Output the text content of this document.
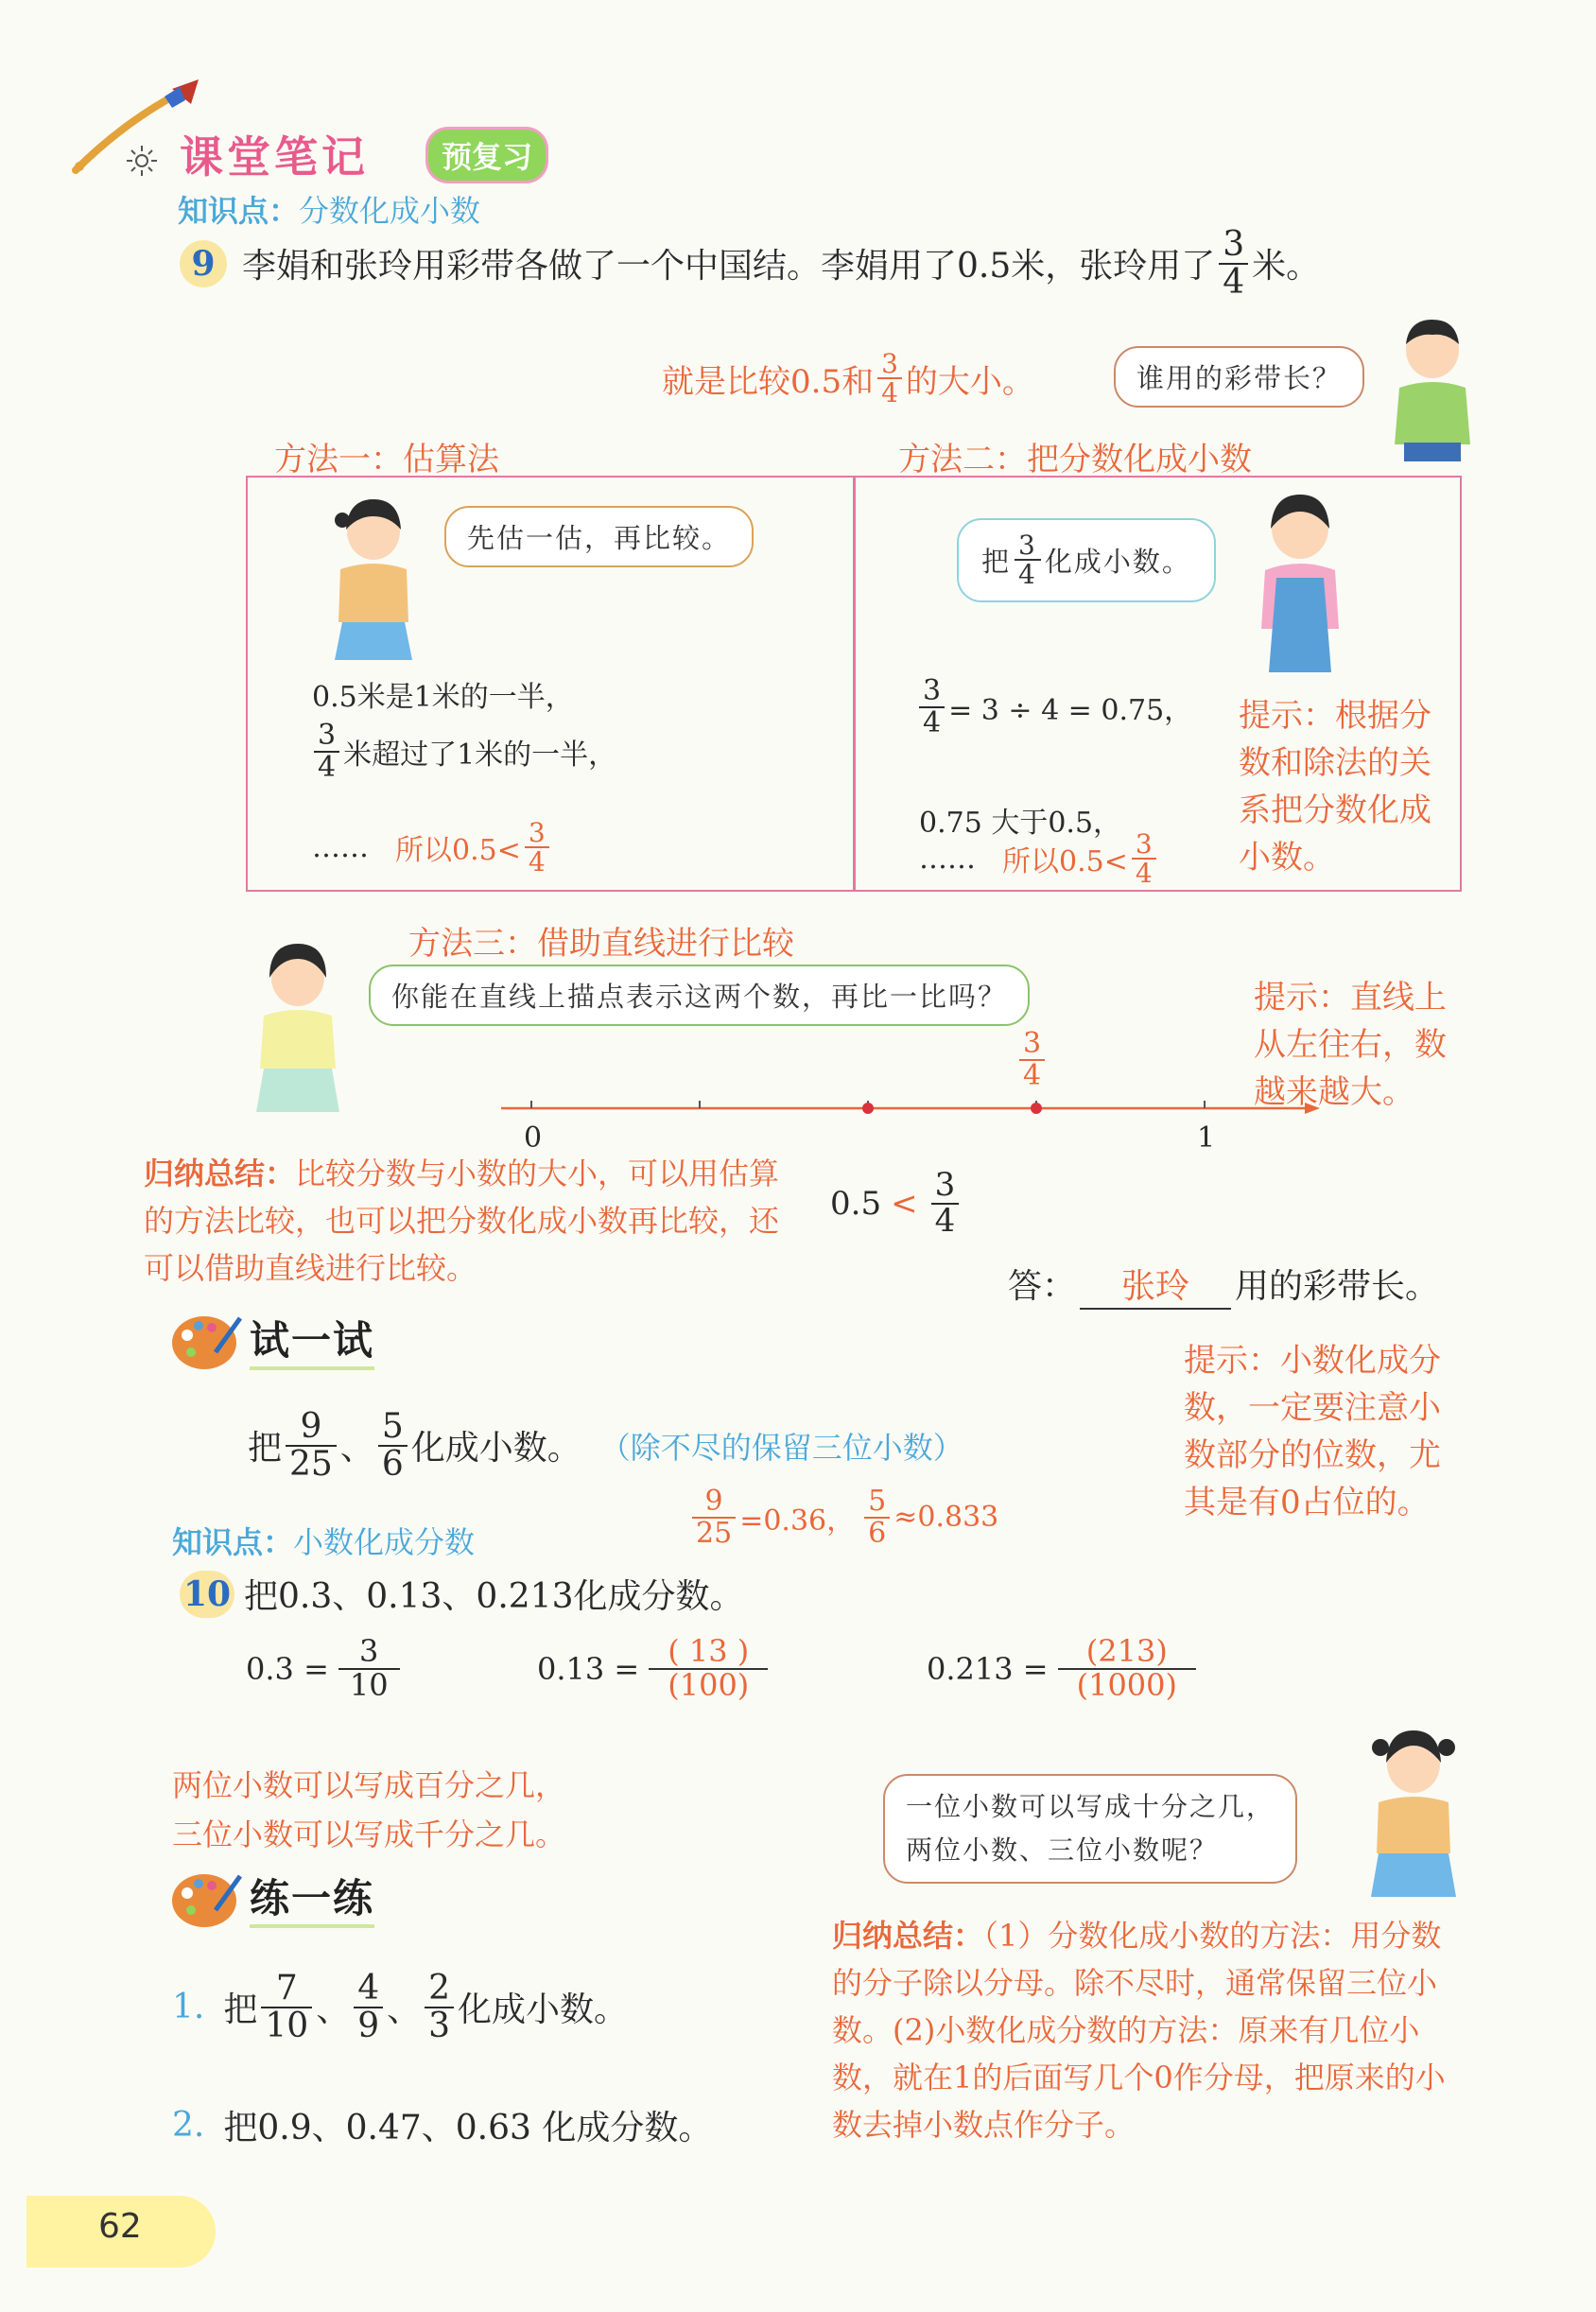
课堂笔记	预复习
知识点：分数化成小数
9 李娟和张玲用彩带各做了一个中国结。李娟用了0.5米，张玲用了 $\frac{3}{4}$ 米。
就是比较0.5和 $\frac{3}{4}$ 的大小。	谁用的彩带长？
方法一：估算法	方法二：把分数化成小数
先估一估，再比较。
0.5米是1米的一半，
$\frac{3}{4}$ 米超过了1米的一半，
…… 所以$0.5< \frac{3}{4}$
把 $\frac{3}{4}$ 化成小数。
$\frac{3}{4} = 3 \div 4 = 0.75$，
0.75 大于0.5，
…… 所以$0.5< \frac{3}{4}$
提示：根据分数和除法的关系把分数化成小数。
方法三：借助直线进行比较
你能在直线上描点表示这两个数，再比一比吗？
0	1
$\frac{3}{4}$
提示：直线上从左往右，数越来越大。
归纳总结：比较分数与小数的大小，可以用估算的方法比较，也可以把分数化成小数再比较，还可以借助直线进行比较。
$0.5 < \frac{3}{4}$
答：	张玲	用的彩带长。
试一试
把 $\frac{9}{25}$ 、 $\frac{5}{6}$ 化成小数。 （除不尽的保留三位小数）
$\frac{9}{25} =0.36$， $\frac{5}{6} \approx 0.833$
提示：小数化成分数，一定要注意小数部分的位数，尤其是有0占位的。
知识点：小数化成分数
10 把0.3、0.13、0.213化成分数。
$0.3 = \frac{3}{10}$	$0.13 = \frac{( 13 )}{(100)}$	$0.213 = \frac{(213)}{(1000)}$
两位小数可以写成百分之几，
三位小数可以写成千分之几。
一位小数可以写成十分之几，
两位小数、三位小数呢？
练一练
1. 把 $\frac{7}{10}$ 、 $\frac{4}{9}$ 、 $\frac{2}{3}$ 化成小数。
2. 把0.9、0.47、0.63 化成分数。
归纳总结：（1）分数化成小数的方法：用分数的分子除以分母。除不尽时，通常保留三位小数。(2)小数化成分数的方法：原来有几位小数，就在1的后面写几个0作分母，把原来的小数去掉小数点作分子。
62
